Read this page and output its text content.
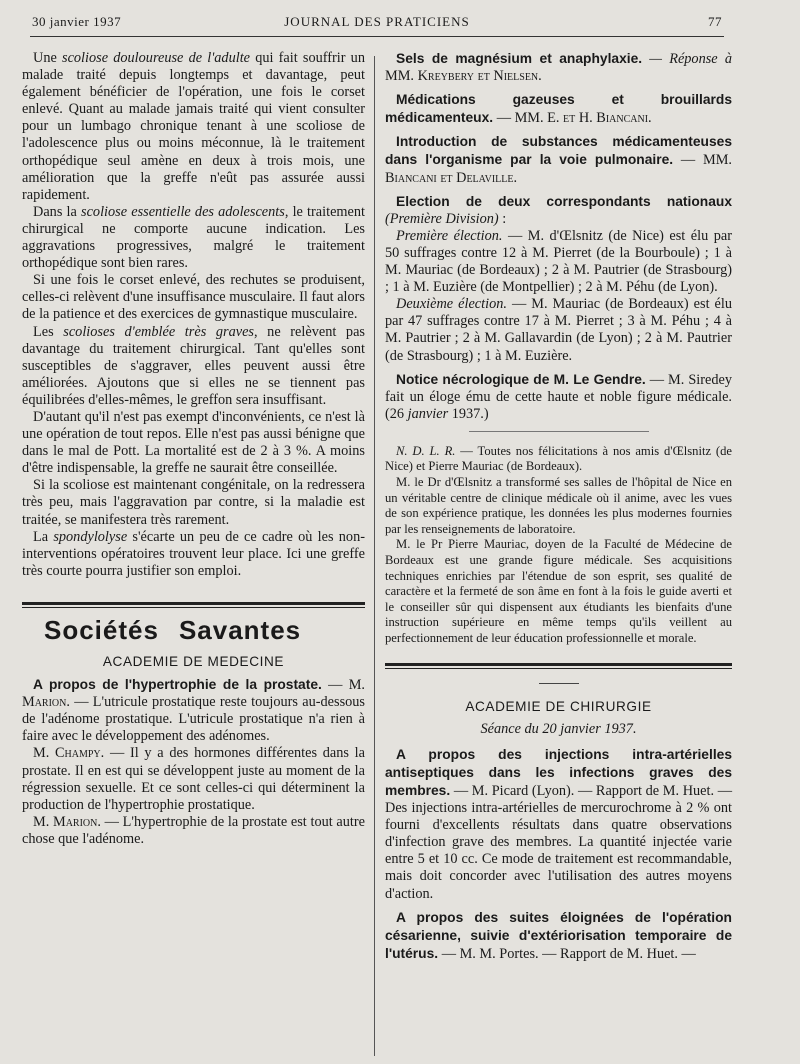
30 janvier 1937	JOURNAL DES PRATICIENS	77

Une scoliose douloureuse de l'adulte qui fait souffrir un malade traité depuis longtemps et davantage, peut également bénéficier de l'opération, une fois le corset enlevé. Quant au malade jamais traité qui vient consulter pour un lumbago chronique tenant à une scoliose de l'adolescence plus ou moins méconnue, là le traitement orthopédique seul amène en deux à trois mois, une amélioration que la greffe n'eût pas assurée aussi rapidement.

Dans la scoliose essentielle des adolescents, le traitement chirurgical ne comporte aucune indication. Les aggravations progressives, malgré le traitement orthopédique sont bien rares.

Si une fois le corset enlevé, des rechutes se produisent, celles-ci relèvent d'une insuffisance musculaire. Il faut alors de la patience et des exercices de gymnastique musculaire.

Les scolioses d'emblée très graves, ne relèvent pas davantage du traitement chirurgical. Tant qu'elles sont susceptibles de s'aggraver, elles peuvent aussi être améliorées. Ajoutons que si elles ne se tiennent pas équilibrées d'elles-mêmes, le greffon sera insuffisant.

D'autant qu'il n'est pas exempt d'inconvénients, ce n'est là une opération de tout repos. Elle n'est pas aussi bénigne que dans le mal de Pott. La mortalité est de 2 à 3 %. A moins d'être indispensable, la greffe ne saurait être conseillée.

Si la scoliose est maintenant congénitale, on la redressera très peu, mais l'aggravation par contre, si la maladie est traitée, se manifestera très rarement.

La spondylolyse s'écarte un peu de ce cadre où les non-interventions opératoires trouvent leur place. Ici une greffe très courte pourra justifier son emploi.

Sociétés Savantes
ACADEMIE DE MEDECINE

A propos de l'hypertrophie de la prostate. — M. Marion. — L'utricule prostatique reste toujours au-dessous de l'adénome prostatique. L'utricule prostatique n'a rien à faire avec le développement des adénomes.

M. Champy. — Il y a des hormones différentes dans la prostate. Il en est qui se développent juste au moment de la régression sexuelle. Et ce sont celles-ci qui déterminent la production de l'hypertrophie prostatique.

M. Marion. — L'hypertrophie de la prostate est tout autre chose que l'adénome.

Sels de magnésium et anaphylaxie. — Réponse à MM. Kreybery et Nielsen.

Médications gazeuses et brouillards médicamenteux. — MM. E. et H. Biancani.

Introduction de substances médicamenteuses dans l'organisme par la voie pulmonaire. — MM. Biancani et Delaville.

Election de deux correspondants nationaux (Première Division) :

Première élection. — M. d'Œlsnitz (de Nice) est élu par 50 suffrages contre 12 à M. Pierret (de la Bourboule) ; 1 à M. Mauriac (de Bordeaux) ; 2 à M. Pautrier (de Strasbourg) ; 1 à M. Euzière (de Montpellier) ; 2 à M. Péhu (de Lyon).

Deuxième élection. — M. Mauriac (de Bordeaux) est élu par 47 suffrages contre 17 à M. Pierret ; 3 à M. Péhu ; 4 à M. Pautrier ; 2 à M. Gallavardin (de Lyon) ; 2 à M. Pautrier (de Strasbourg) ; 1 à M. Euzière.

Notice nécrologique de M. Le Gendre. — M. Siredey fait un éloge ému de cette haute et noble figure médicale. (26 janvier 1937.)

N. D. L. R. — Toutes nos félicitations à nos amis d'Œlsnitz (de Nice) et Pierre Mauriac (de Bordeaux).

M. le Dr d'Œlsnitz a transformé ses salles de l'hôpital de Nice en un véritable centre de clinique médicale où il anime, avec les vues de son expérience pratique, les données les plus modernes fournies par les renseignements de laboratoire.

M. le Pr Pierre Mauriac, doyen de la Faculté de Médecine de Bordeaux est une grande figure médicale. Ses acquisitions techniques enrichies par l'étendue de son esprit, ses qualité de caractère et la fermeté de son âme en font à la fois le guide averti et le conseiller sûr qui dispensent aux étudiants les bienfaits d'une instruction supérieure en même temps qu'ils veillent au perfectionnement de leur éducation professionnelle et morale.

ACADEMIE DE CHIRURGIE
Séance du 20 janvier 1937.

A propos des injections intra-artérielles antiseptiques dans les infections graves des membres. — M. Picard (Lyon). — Rapport de M. Huet. — Des injections intra-artérielles de mercurochrome à 2 % ont fourni d'excellents résultats dans quatre observations d'infection grave des membres. La quantité injectée varie entre 5 et 10 cc. Ce mode de traitement est recommandable, mais doit concorder avec l'utilisation des autres moyens d'action.

A propos des suites éloignées de l'opération césarienne, suivie d'extériorisation temporaire de l'utérus. — M. M. Portes. — Rapport de M. Huet. —
